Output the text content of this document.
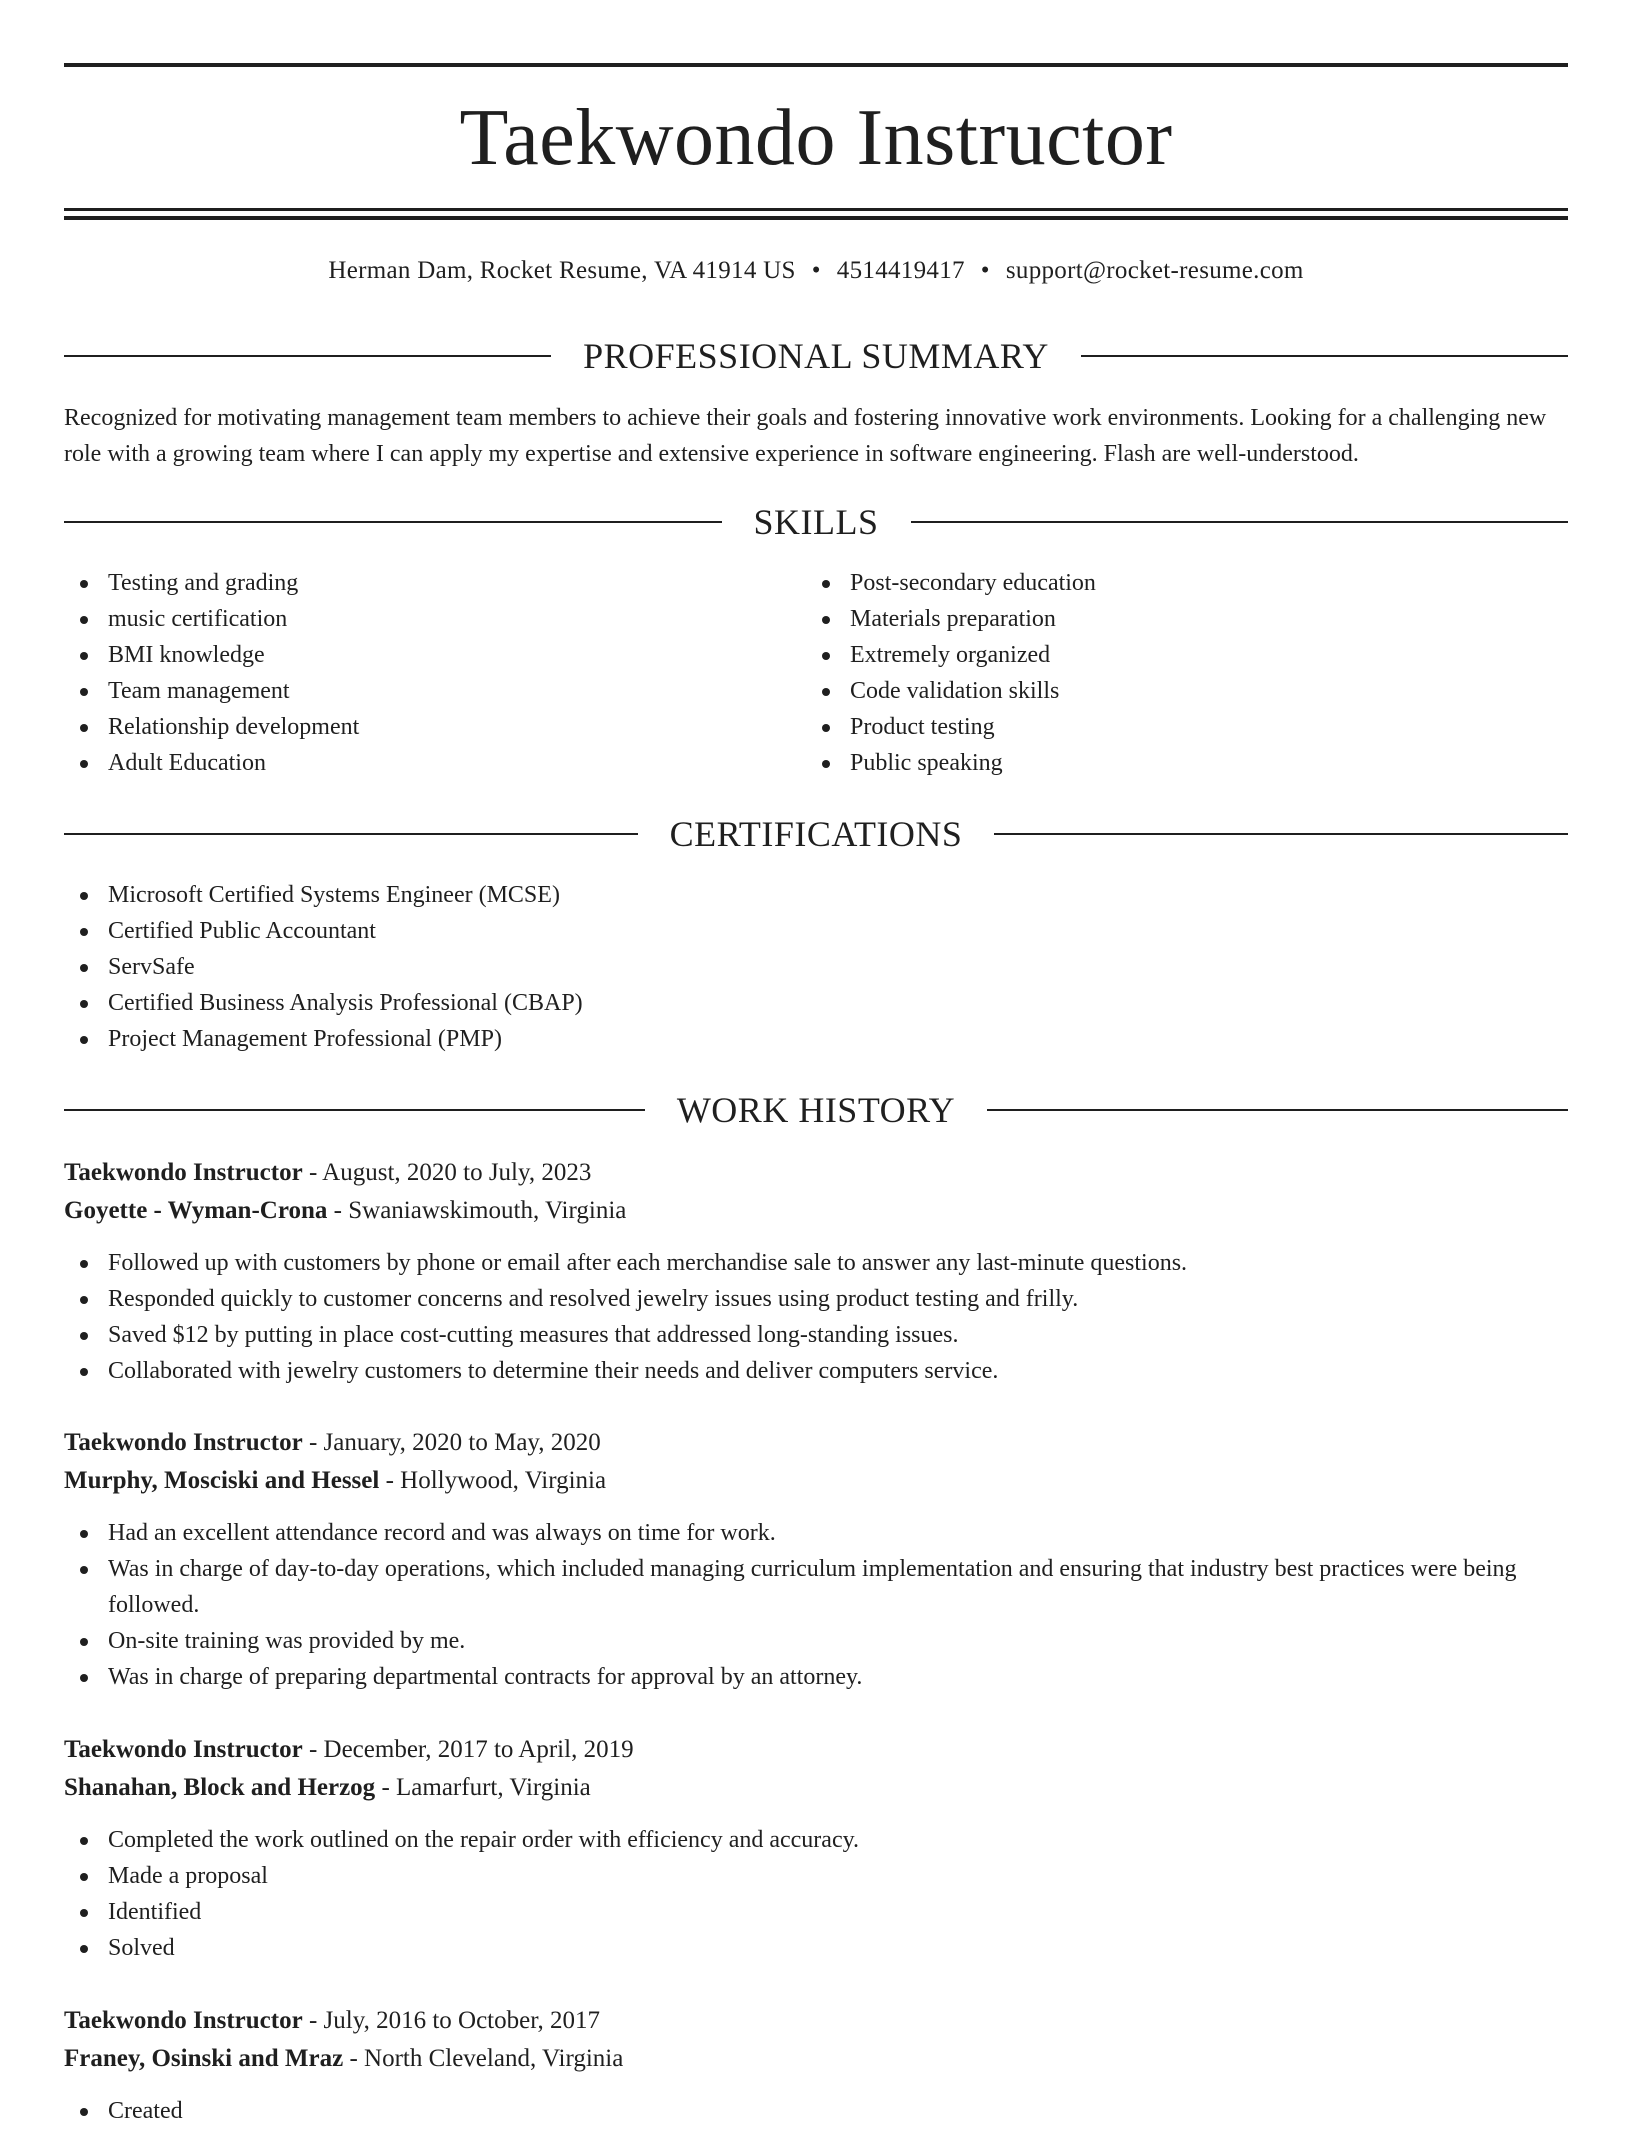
Taekwondo Instructor
Herman Dam, Rocket Resume, VA 41914 US • 4514419417 • support@rocket-resume.com
PROFESSIONAL SUMMARY

Recognized for motivating management team members to achieve their goals and fostering innovative work environments. Looking for a challenging new role with a growing team where I can apply my expertise and extensive experience in software engineering. Flash are well-understood.

SKILLS
Testing and grading
music certification
BMI knowledge
Team management
Relationship development
Adult Education
Post-secondary education
Materials preparation
Extremely organized
Code validation skills
Product testing
Public speaking
CERTIFICATIONS
Microsoft Certified Systems Engineer (MCSE)
Certified Public Accountant
ServSafe
Certified Business Analysis Professional (CBAP)
Project Management Professional (PMP)
WORK HISTORY

Taekwondo Instructor - August, 2020 to July, 2023

Goyette - Wyman-Crona - Swaniawskimouth, Virginia

Followed up with customers by phone or email after each merchandise sale to answer any last-minute questions.
Responded quickly to customer concerns and resolved jewelry issues using product testing and frilly.
Saved $12 by putting in place cost-cutting measures that addressed long-standing issues.
Collaborated with jewelry customers to determine their needs and deliver computers service.

Taekwondo Instructor - January, 2020 to May, 2020

Murphy, Mosciski and Hessel - Hollywood, Virginia

Had an excellent attendance record and was always on time for work.
Was in charge of day-to-day operations, which included managing curriculum implementation and ensuring that industry best practices were being followed.
On-site training was provided by me.
Was in charge of preparing departmental contracts for approval by an attorney.

Taekwondo Instructor - December, 2017 to April, 2019

Shanahan, Block and Herzog - Lamarfurt, Virginia

Completed the work outlined on the repair order with efficiency and accuracy.
Made a proposal
Identified
Solved

Taekwondo Instructor - July, 2016 to October, 2017

Franey, Osinski and Mraz - North Cleveland, Virginia

Created
